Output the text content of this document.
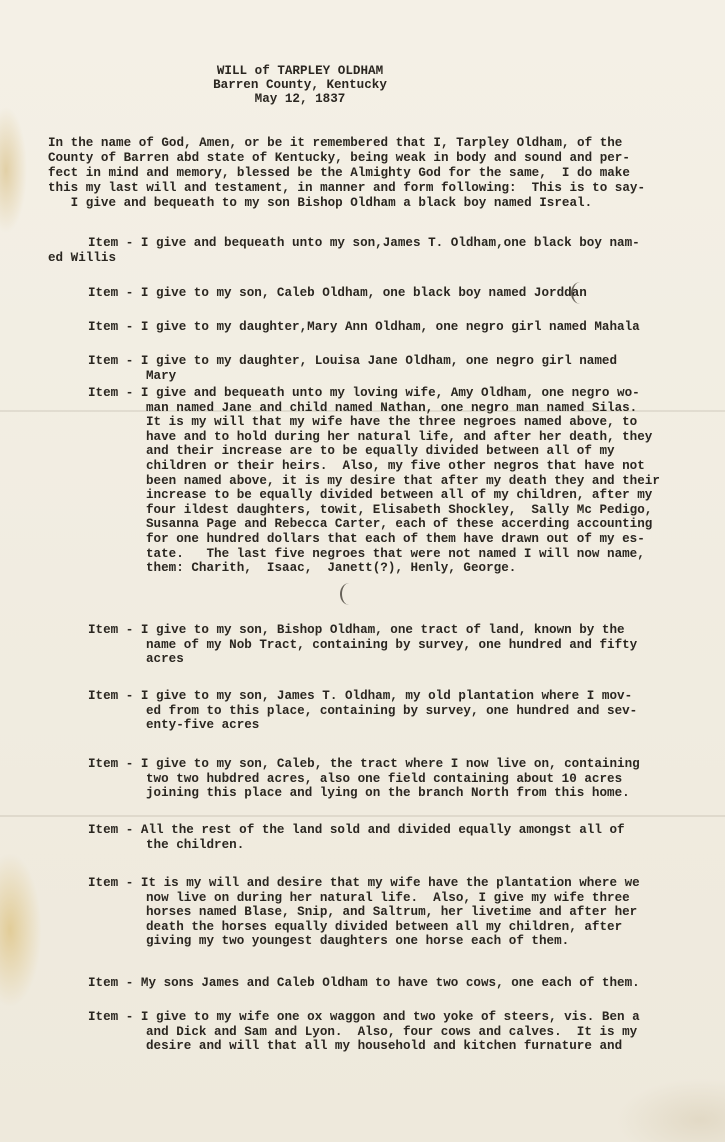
WILL of TARPLEY OLDHAM
Barren County, Kentucky
May 12, 1837
In the name of God, Amen, or be it remembered that I, Tarpley Oldham, of the
County of Barren abd state of Kentucky, being weak in body and sound and per-
fect in mind and memory, blessed be the Almighty God for the same,  I do make
this my last will and testament, in manner and form following:  This is to say-
I give and bequeath to my son Bishop Oldham a black boy named Isreal.
Item - I give and bequeath unto my son,James T. Oldham,one black boy nam-
ed Willis
Item - I give to my son, Caleb Oldham, one black boy named Jorddan
Item - I give to my daughter,Mary Ann Oldham, one negro girl named Mahala
Item - I give to my daughter, Louisa Jane Oldham, one negro girl named
Mary
Item - I give and bequeath unto my loving wife, Amy Oldham, one negro wo-
man named Jane and child named Nathan, one negro man named Silas.
It is my will that my wife have the three negroes named above, to
have and to hold during her natural life, and after her death, they
and their increase are to be equally divided between all of my
children or their heirs.  Also, my five other negros that have not
been named above, it is my desire that after my death they and their
increase to be equally divided between all of my children, after my
four ildest daughters, towit, Elisabeth Shockley,  Sally Mc Pedigo,
Susanna Page and Rebecca Carter, each of these accerding accounting
for one hundred dollars that each of them have drawn out of my es-
tate.   The last five negroes that were not named I will now name,
them: Charith,  Isaac,  Janett(?), Henly, George.
Item - I give to my son, Bishop Oldham, one tract of land, known by the
name of my Nob Tract, containing by survey, one hundred and fifty
acres
Item - I give to my son, James T. Oldham, my old plantation where I mov-
ed from to this place, containing by survey, one hundred and sev-
enty-five acres
Item - I give to my son, Caleb, the tract where I now live on, containing
two two hubdred acres, also one field containing about 10 acres
joining this place and lying on the branch North from this home.
Item - All the rest of the land sold and divided equally amongst all of
the children.
Item - It is my will and desire that my wife have the plantation where we
now live on during her natural life.  Also, I give my wife three
horses named Blase, Snip, and Saltrum, her livetime and after her
death the horses equally divided between all my children, after
giving my two youngest daughters one horse each of them.
Item - My sons James and Caleb Oldham to have two cows, one each of them.
Item - I give to my wife one ox waggon and two yoke of steers, vis. Ben a
and Dick and Sam and Lyon.  Also, four cows and calves.  It is my
desire and will that all my household and kitchen furnature and
